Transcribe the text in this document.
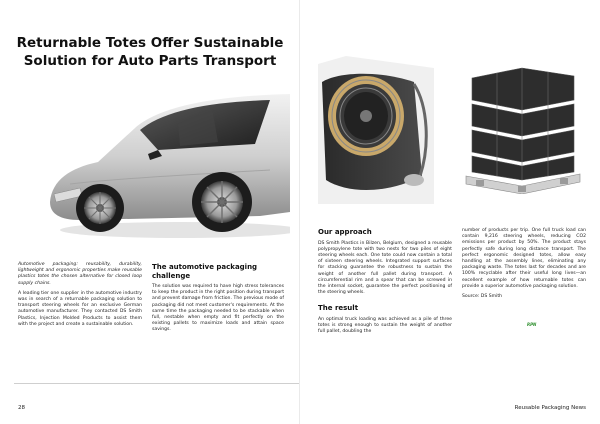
Returnable Totes Offer Sustainable
Solution for Auto Parts Transport

Automotive packaging: reusability, durability, lightweight and ergonomic properties make reusable plastics totes the chosen alternative for closed loop supply chains.

A leading tier one supplier in the automotive industry was in search of a returnable packaging solution to transport steering wheels for an exclusive German automotive manufacturer. They contacted DS Smith Plastics, Injection Molded Products to assist them with the project and create a sustainable solution.

The automotive packaging challenge

The solution was required to have high stress tolerances to keep the product in the right position during transport and prevent damage from friction. The previous mode of packaging did not meet customer's requirements. At the same time the packaging needed to be stackable when full, nestable when empty and fit perfectly on the existing pallets to maximize loads and attain space savings.

28
Our approach

DS Smith Plastics in Bilzen, Belgium, designed a reusable polypropylene tote with two nests for two piles of eight steering wheels each. One tote could now contain a total of sixteen steering wheels. Integrated support surfaces for stacking guarantee the robustness to sustain the weight of another full pallet during transport. A circumferential rim and a spear that can be screwed in the internal socket, guarantee the perfect positioning of the steering wheels.

The result

An optimal truck loading was achieved as a pile of three totes is strong enough to sustain the weight of another full pallet, doubling the

number of products per trip. One full truck load can contain 9,216 steering wheels, reducing CO2 emissions per product by 50%. The product stays perfectly safe during long distance transport. The perfect ergonomic designed totes, allow easy handling at the assembly lines, eliminating any packaging waste. The totes last for decades and are 100% recyclable after their useful long lives—an excellent example of how returnable totes can provide a superior automotive packaging solution.

Source: DS Smith

RPN
Reusable Packaging News
